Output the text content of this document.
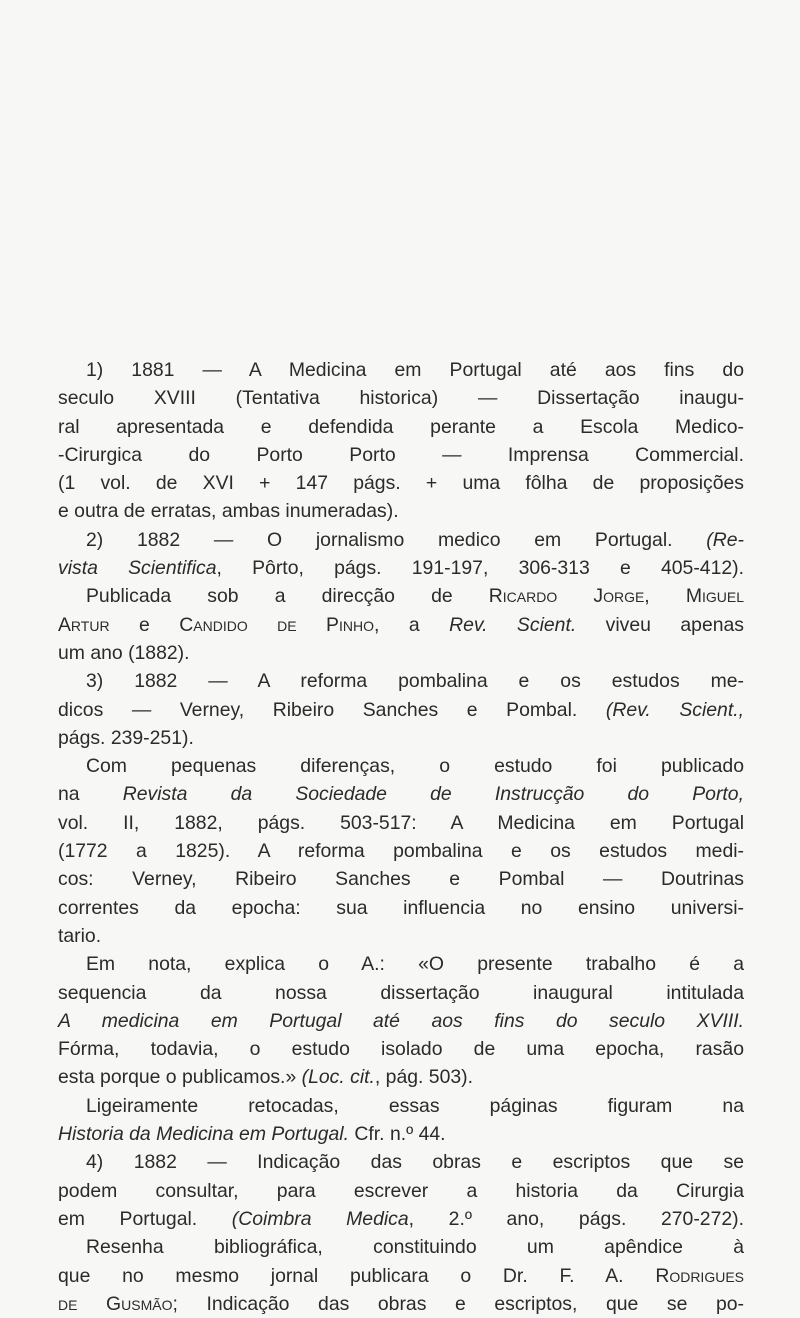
1) 1881 — A Medicina em Portugal até aos fins do
seculo XVIII (Tentativa historica) — Dissertação inaugu-
ral apresentada e defendida perante a Escola Medico-
-Cirurgica do Porto Porto — Imprensa Commercial.
(1 vol. de XVI + 147 págs. + uma fôlha de proposições
e outra de erratas, ambas inumeradas).
2) 1882 — O jornalismo medico em Portugal. (Re-
vista Scientifica, Pôrto, págs. 191-197, 306-313 e 405-412).
Publicada sob a direcção de Ricardo Jorge, Miguel
Artur e Candido de Pinho, a Rev. Scient. viveu apenas
um ano (1882).
3) 1882 — A reforma pombalina e os estudos me-
dicos — Verney, Ribeiro Sanches e Pombal. (Rev. Scient.,
págs. 239-251).
Com pequenas diferenças, o estudo foi publicado
na Revista da Sociedade de Instrucção do Porto,
vol. II, 1882, págs. 503-517: A Medicina em Portugal
(1772 a 1825). A reforma pombalina e os estudos medi-
cos: Verney, Ribeiro Sanches e Pombal — Doutrinas
correntes da epocha: sua influencia no ensino universi-
tario.
Em nota, explica o A.: «O presente trabalho é a
sequencia da nossa dissertação inaugural intitulada
A medicina em Portugal até aos fins do seculo XVIII.
Fórma, todavia, o estudo isolado de uma epocha, rasão
esta porque o publicamos.» (Loc. cit., pág. 503).
Ligeiramente retocadas, essas páginas figuram na
Historia da Medicina em Portugal. Cfr. n.º 44.
4) 1882 — Indicação das obras e escriptos que se
podem consultar, para escrever a historia da Cirurgia
em Portugal. (Coimbra Medica, 2.º ano, págs. 270-272).
Resenha bibliográfica, constituindo um apêndice à
que no mesmo jornal publicara o Dr. F. A. Rodrigues
de Gusmão; Indicação das obras e escriptos, que se po-
